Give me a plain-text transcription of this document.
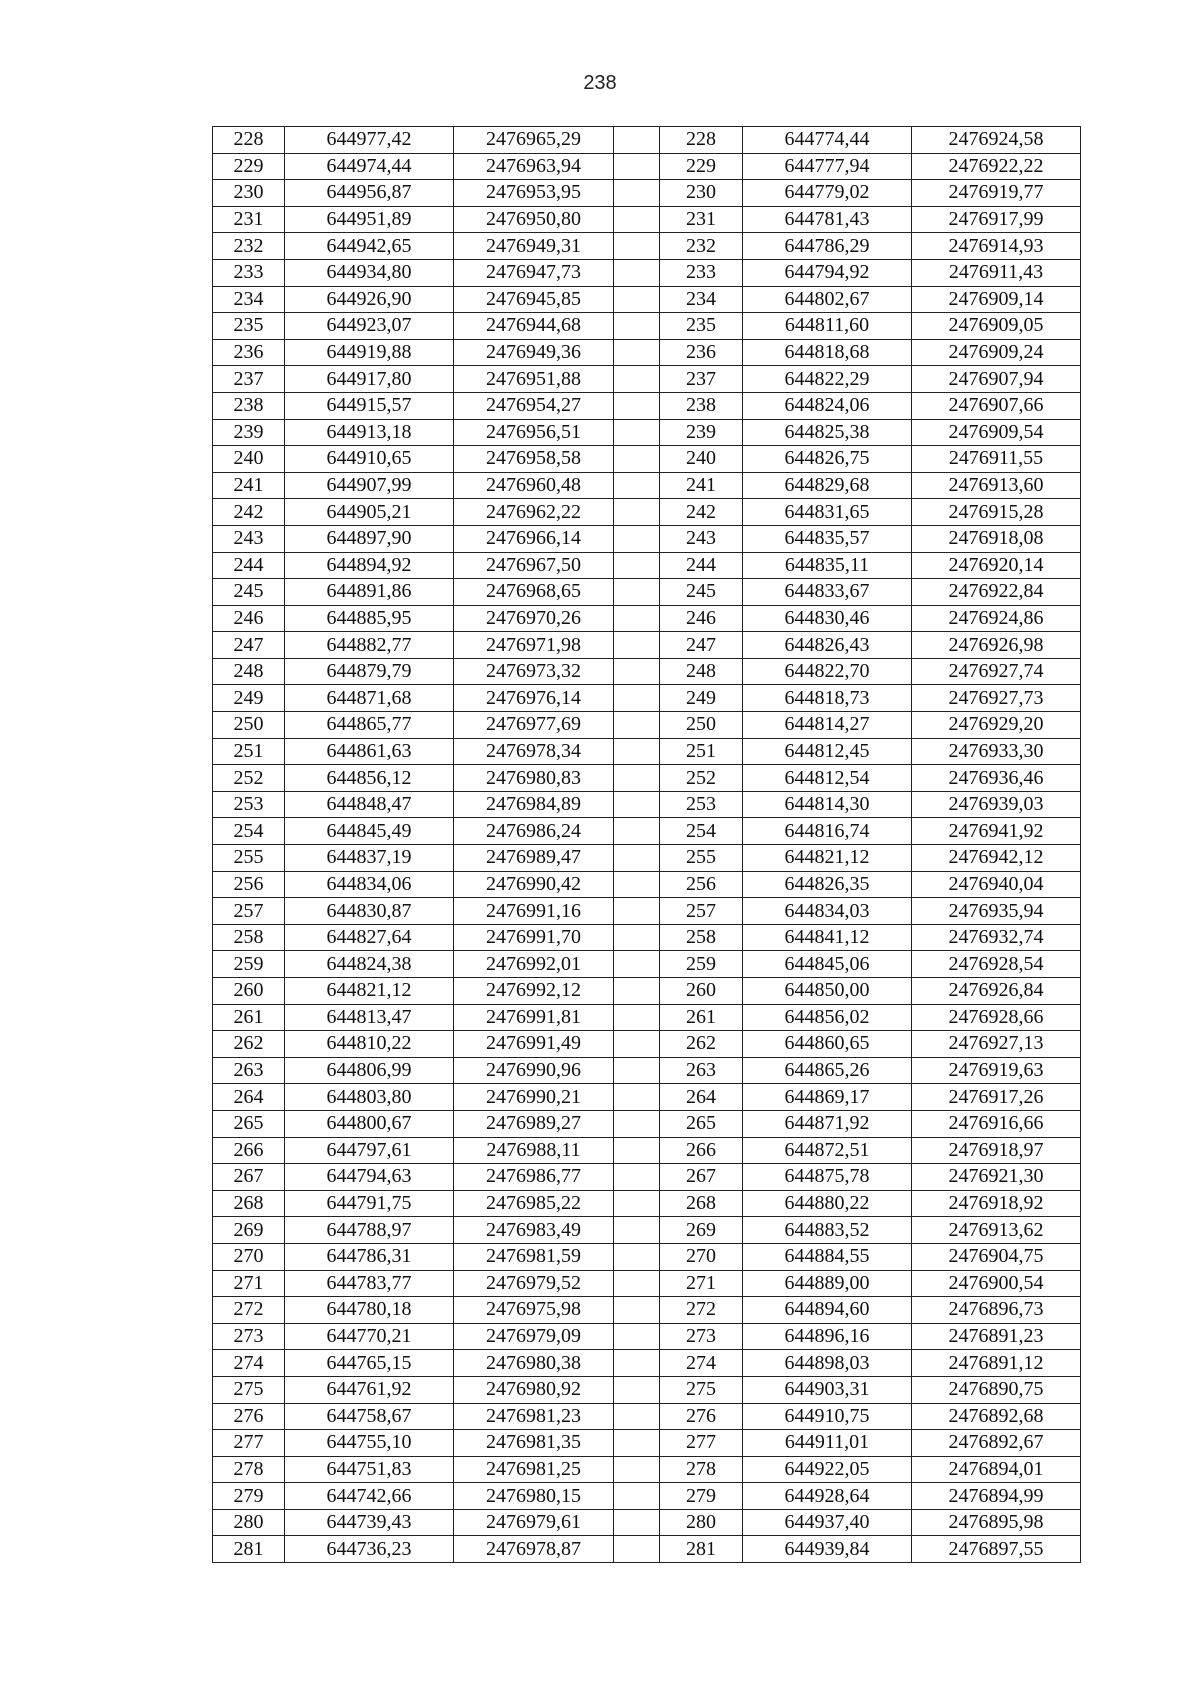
238
228	644977,42	2476965,29		228	644774,44	2476924,58
229	644974,44	2476963,94		229	644777,94	2476922,22
230	644956,87	2476953,95		230	644779,02	2476919,77
231	644951,89	2476950,80		231	644781,43	2476917,99
232	644942,65	2476949,31		232	644786,29	2476914,93
233	644934,80	2476947,73		233	644794,92	2476911,43
234	644926,90	2476945,85		234	644802,67	2476909,14
235	644923,07	2476944,68		235	644811,60	2476909,05
236	644919,88	2476949,36		236	644818,68	2476909,24
237	644917,80	2476951,88		237	644822,29	2476907,94
238	644915,57	2476954,27		238	644824,06	2476907,66
239	644913,18	2476956,51		239	644825,38	2476909,54
240	644910,65	2476958,58		240	644826,75	2476911,55
241	644907,99	2476960,48		241	644829,68	2476913,60
242	644905,21	2476962,22		242	644831,65	2476915,28
243	644897,90	2476966,14		243	644835,57	2476918,08
244	644894,92	2476967,50		244	644835,11	2476920,14
245	644891,86	2476968,65		245	644833,67	2476922,84
246	644885,95	2476970,26		246	644830,46	2476924,86
247	644882,77	2476971,98		247	644826,43	2476926,98
248	644879,79	2476973,32		248	644822,70	2476927,74
249	644871,68	2476976,14		249	644818,73	2476927,73
250	644865,77	2476977,69		250	644814,27	2476929,20
251	644861,63	2476978,34		251	644812,45	2476933,30
252	644856,12	2476980,83		252	644812,54	2476936,46
253	644848,47	2476984,89		253	644814,30	2476939,03
254	644845,49	2476986,24		254	644816,74	2476941,92
255	644837,19	2476989,47		255	644821,12	2476942,12
256	644834,06	2476990,42		256	644826,35	2476940,04
257	644830,87	2476991,16		257	644834,03	2476935,94
258	644827,64	2476991,70		258	644841,12	2476932,74
259	644824,38	2476992,01		259	644845,06	2476928,54
260	644821,12	2476992,12		260	644850,00	2476926,84
261	644813,47	2476991,81		261	644856,02	2476928,66
262	644810,22	2476991,49		262	644860,65	2476927,13
263	644806,99	2476990,96		263	644865,26	2476919,63
264	644803,80	2476990,21		264	644869,17	2476917,26
265	644800,67	2476989,27		265	644871,92	2476916,66
266	644797,61	2476988,11		266	644872,51	2476918,97
267	644794,63	2476986,77		267	644875,78	2476921,30
268	644791,75	2476985,22		268	644880,22	2476918,92
269	644788,97	2476983,49		269	644883,52	2476913,62
270	644786,31	2476981,59		270	644884,55	2476904,75
271	644783,77	2476979,52		271	644889,00	2476900,54
272	644780,18	2476975,98		272	644894,60	2476896,73
273	644770,21	2476979,09		273	644896,16	2476891,23
274	644765,15	2476980,38		274	644898,03	2476891,12
275	644761,92	2476980,92		275	644903,31	2476890,75
276	644758,67	2476981,23		276	644910,75	2476892,68
277	644755,10	2476981,35		277	644911,01	2476892,67
278	644751,83	2476981,25		278	644922,05	2476894,01
279	644742,66	2476980,15		279	644928,64	2476894,99
280	644739,43	2476979,61		280	644937,40	2476895,98
281	644736,23	2476978,87		281	644939,84	2476897,55
